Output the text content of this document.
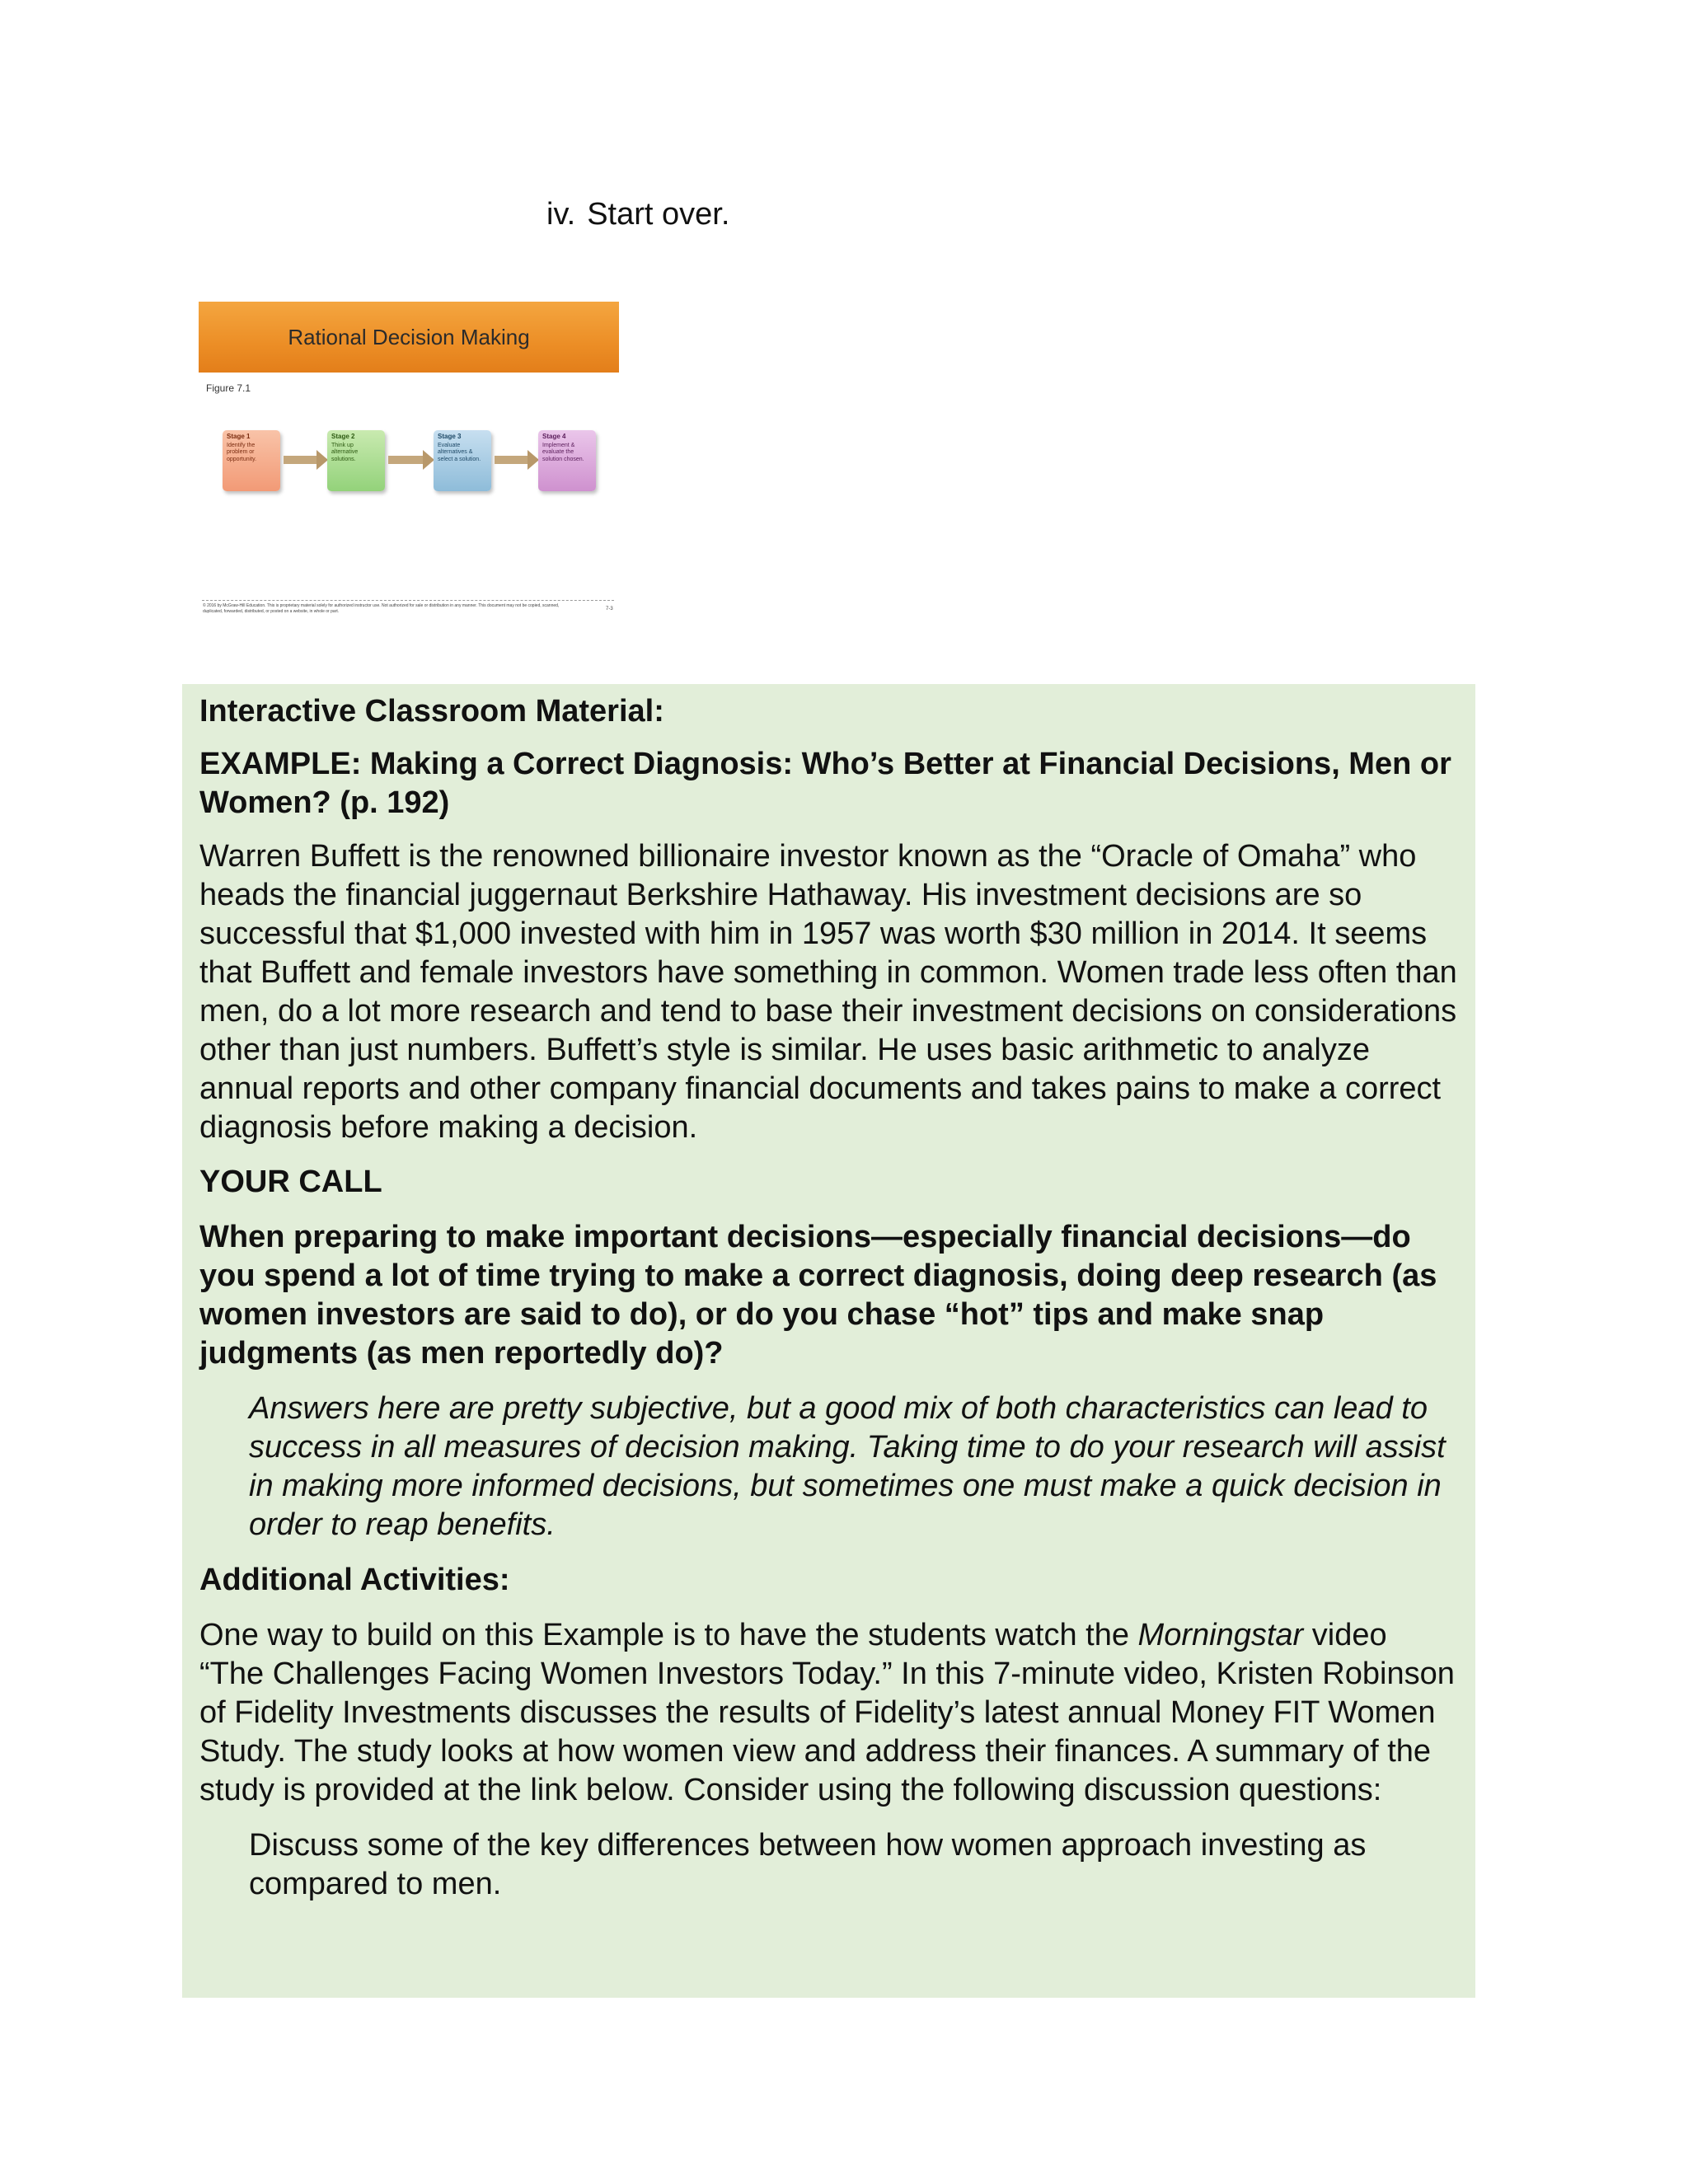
iv. Start over.
Rational Decision Making
Figure 7.1
Stage 1
Identify the problem or opportunity.
Stage 2
Think up alternative solutions.
Stage 3
Evaluate alternatives & select a solution.
Stage 4
Implement & evaluate the solution chosen.
© 2016 by McGraw-Hill Education. This is proprietary material solely for authorized instructor use. Not authorized for sale or distribution in any manner. This document may not be copied, scanned, duplicated, forwarded, distributed, or posted on a website, in whole or part.	7-3

Interactive Classroom Material:

EXAMPLE: Making a Correct Diagnosis: Who’s Better at Financial Decisions, Men or Women? (p. 192)

Warren Buffett is the renowned billionaire investor known as the “Oracle of Omaha” who heads the financial juggernaut Berkshire Hathaway. His investment decisions are so successful that $1,000 invested with him in 1957 was worth $30 million in 2014. It seems that Buffett and female investors have something in common. Women trade less often than men, do a lot more research and tend to base their investment decisions on considerations other than just numbers. Buffett’s style is similar. He uses basic arithmetic to analyze annual reports and other company financial documents and takes pains to make a correct diagnosis before making a decision.

YOUR CALL

When preparing to make important decisions—especially financial decisions—do you spend a lot of time trying to make a correct diagnosis, doing deep research (as women investors are said to do), or do you chase “hot” tips and make snap judgments (as men reportedly do)?

Answers here are pretty subjective, but a good mix of both characteristics can lead to success in all measures of decision making. Taking time to do your research will assist in making more informed decisions, but sometimes one must make a quick decision in order to reap benefits.

Additional Activities:

One way to build on this Example is to have the students watch the Morningstar video “The Challenges Facing Women Investors Today.” In this 7-minute video, Kristen Robinson of Fidelity Investments discusses the results of Fidelity’s latest annual Money FIT Women Study. The study looks at how women view and address their finances. A summary of the study is provided at the link below. Consider using the following discussion questions:

Discuss some of the key differences between how women approach investing as compared to men.
